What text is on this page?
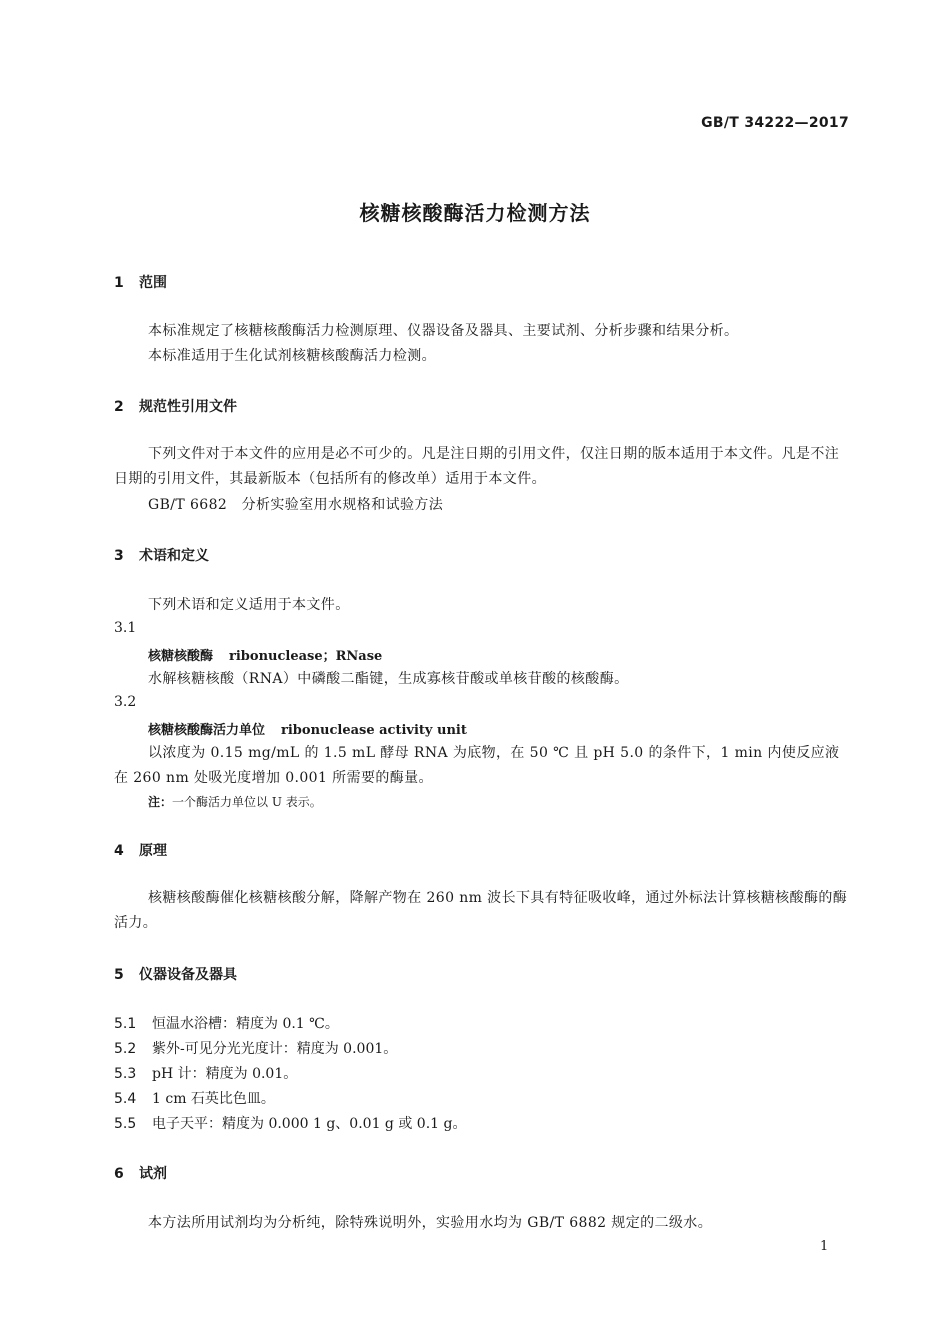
GB/T 34222—2017
核糖核酸酶活力检测方法
1 范围
本标准规定了核糖核酸酶活力检测原理、仪器设备及器具、主要试剂、分析步骤和结果分析。
本标准适用于生化试剂核糖核酸酶活力检测。
2 规范性引用文件
下列文件对于本文件的应用是必不可少的。凡是注日期的引用文件，仅注日期的版本适用于本文件。凡是不注日期的引用文件，其最新版本（包括所有的修改单）适用于本文件。
GB/T 6682　分析实验室用水规格和试验方法
3 术语和定义
下列术语和定义适用于本文件。
3.1
核糖核酸酶 ribonuclease；RNase
水解核糖核酸（RNA）中磷酸二酯键，生成寡核苷酸或单核苷酸的核酸酶。
3.2
核糖核酸酶活力单位 ribonuclease activity unit
以浓度为 0.15 mg/mL 的 1.5 mL 酵母 RNA 为底物，在 50 ℃ 且 pH 5.0 的条件下，1 min 内使反应液在 260 nm 处吸光度增加 0.001 所需要的酶量。
注：一个酶活力单位以 U 表示。
4 原理
核糖核酸酶催化核糖核酸分解，降解产物在 260 nm 波长下具有特征吸收峰，通过外标法计算核糖核酸酶的酶活力。
5 仪器设备及器具
5.1 恒温水浴槽：精度为 0.1 ℃。
5.2 紫外-可见分光光度计：精度为 0.001。
5.3 pH 计：精度为 0.01。
5.4 1 cm 石英比色皿。
5.5 电子天平：精度为 0.000 1 g、0.01 g 或 0.1 g。
6 试剂
本方法所用试剂均为分析纯，除特殊说明外，实验用水均为 GB/T 6882 规定的二级水。
1
